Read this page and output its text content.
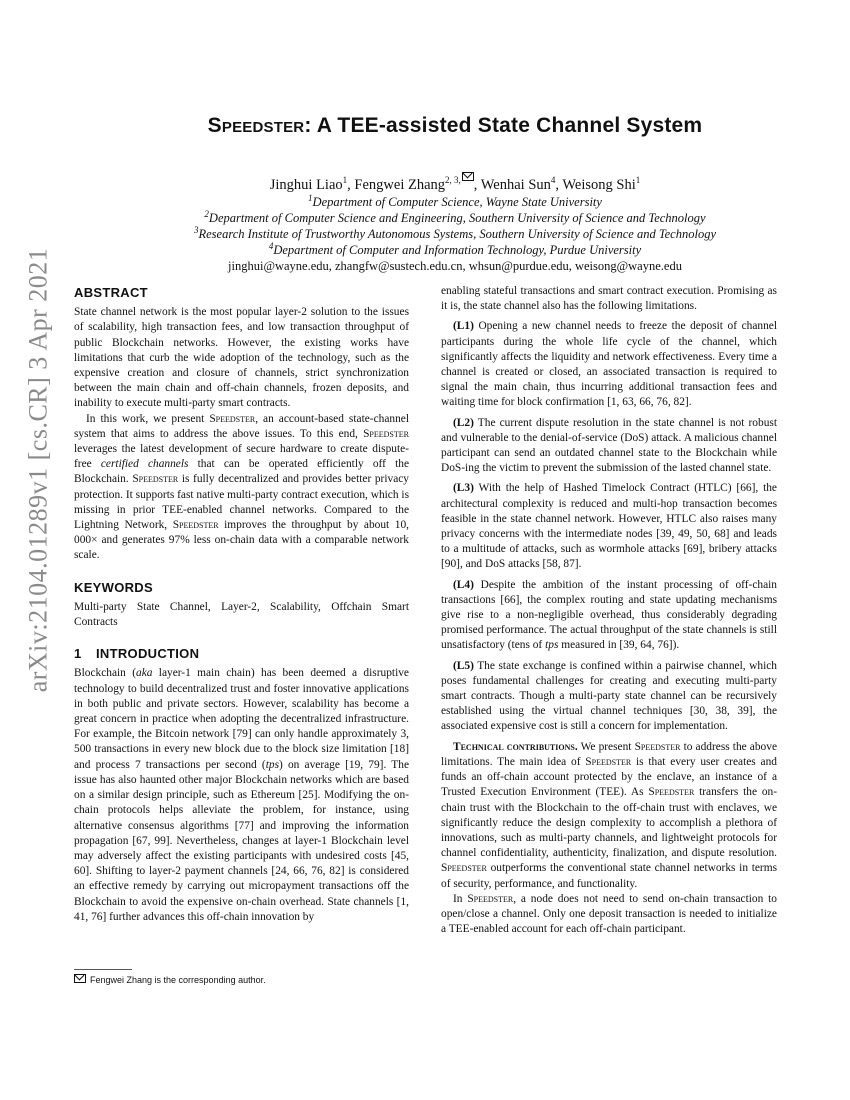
arXiv:2104.01289v1 [cs.CR] 3 Apr 2021
Speedster: A TEE-assisted State Channel System
Jinghui Liao$^1$, Fengwei Zhang$^{2, 3,}$ , Wenhai Sun$^4$, Weisong Shi$^1$
$^1$Department of Computer Science, Wayne State University
$^2$Department of Computer Science and Engineering, Southern University of Science and Technology
$^3$Research Institute of Trustworthy Autonomous Systems, Southern University of Science and Technology
$^4$Department of Computer and Information Technology, Purdue University
jinghui@wayne.edu, zhangfw@sustech.edu.cn, whsun@purdue.edu, weisong@wayne.edu
ABSTRACT

State channel network is the most popular layer-2 solution to the issues of scalability, high transaction fees, and low transaction throughput of public Blockchain networks. However, the existing works have limitations that curb the wide adoption of the technology, such as the expensive creation and closure of channels, strict synchronization between the main chain and off-chain channels, frozen deposits, and inability to execute multi-party smart contracts.

In this work, we present Speedster, an account-based state-channel system that aims to address the above issues. To this end, Speedster leverages the latest development of secure hardware to create dispute-free certified channels that can be operated efficiently off the Blockchain. Speedster is fully decentralized and provides better privacy protection. It supports fast native multi-party contract execution, which is missing in prior TEE-enabled channel networks. Compared to the Lightning Network, Speedster improves the throughput by about 10, 000× and generates 97% less on-chain data with a comparable network scale.

KEYWORDS

Multi-party State Channel, Layer-2, Scalability, Offchain Smart Contracts

1 INTRODUCTION

Blockchain (aka layer-1 main chain) has been deemed a disruptive technology to build decentralized trust and foster innovative applications in both public and private sectors. However, scalability has become a great concern in practice when adopting the decentralized infrastructure. For example, the Bitcoin network [79] can only handle approximately 3, 500 transactions in every new block due to the block size limitation [18] and process 7 transactions per second (tps) on average [19, 79]. The issue has also haunted other major Blockchain networks which are based on a similar design principle, such as Ethereum [25]. Modifying the on-chain protocols helps alleviate the problem, for instance, using alternative consensus algorithms [77] and improving the information propagation [67, 99]. Nevertheless, changes at layer-1 Blockchain level may adversely affect the existing participants with undesired costs [45, 60]. Shifting to layer-2 payment channels [24, 66, 76, 82] is considered an effective remedy by carrying out micropayment transactions off the Blockchain to avoid the expensive on-chain overhead. State channels [1, 41, 76] further advances this off-chain innovation by

Fengwei Zhang is the corresponding author.

enabling stateful transactions and smart contract execution. Promising as it is, the state channel also has the following limitations.

(L1) Opening a new channel needs to freeze the deposit of channel participants during the whole life cycle of the channel, which significantly affects the liquidity and network effectiveness. Every time a channel is created or closed, an associated transaction is required to signal the main chain, thus incurring additional transaction fees and waiting time for block confirmation [1, 63, 66, 76, 82].

(L2) The current dispute resolution in the state channel is not robust and vulnerable to the denial-of-service (DoS) attack. A malicious channel participant can send an outdated channel state to the Blockchain while DoS-ing the victim to prevent the submission of the lasted channel state.

(L3) With the help of Hashed Timelock Contract (HTLC) [66], the architectural complexity is reduced and multi-hop transaction becomes feasible in the state channel network. However, HTLC also raises many privacy concerns with the intermediate nodes [39, 49, 50, 68] and leads to a multitude of attacks, such as wormhole attacks [69], bribery attacks [90], and DoS attacks [58, 87].

(L4) Despite the ambition of the instant processing of off-chain transactions [66], the complex routing and state updating mechanisms give rise to a non-negligible overhead, thus considerably degrading promised performance. The actual throughput of the state channels is still unsatisfactory (tens of tps measured in [39, 64, 76]).

(L5) The state exchange is confined within a pairwise channel, which poses fundamental challenges for creating and executing multi-party smart contracts. Though a multi-party state channel can be recursively established using the virtual channel techniques [30, 38, 39], the associated expensive cost is still a concern for implementation.

Technical contributions. We present Speedster to address the above limitations. The main idea of Speedster is that every user creates and funds an off-chain account protected by the enclave, an instance of a Trusted Execution Environment (TEE). As Speedster transfers the on-chain trust with the Blockchain to the off-chain trust with enclaves, we significantly reduce the design complexity to accomplish a plethora of innovations, such as multi-party channels, and lightweight protocols for channel confidentiality, authenticity, finalization, and dispute resolution. Speedster outperforms the conventional state channel networks in terms of security, performance, and functionality.

In Speedster, a node does not need to send on-chain transaction to open/close a channel. Only one deposit transaction is needed to initialize a TEE-enabled account for each off-chain participant.
